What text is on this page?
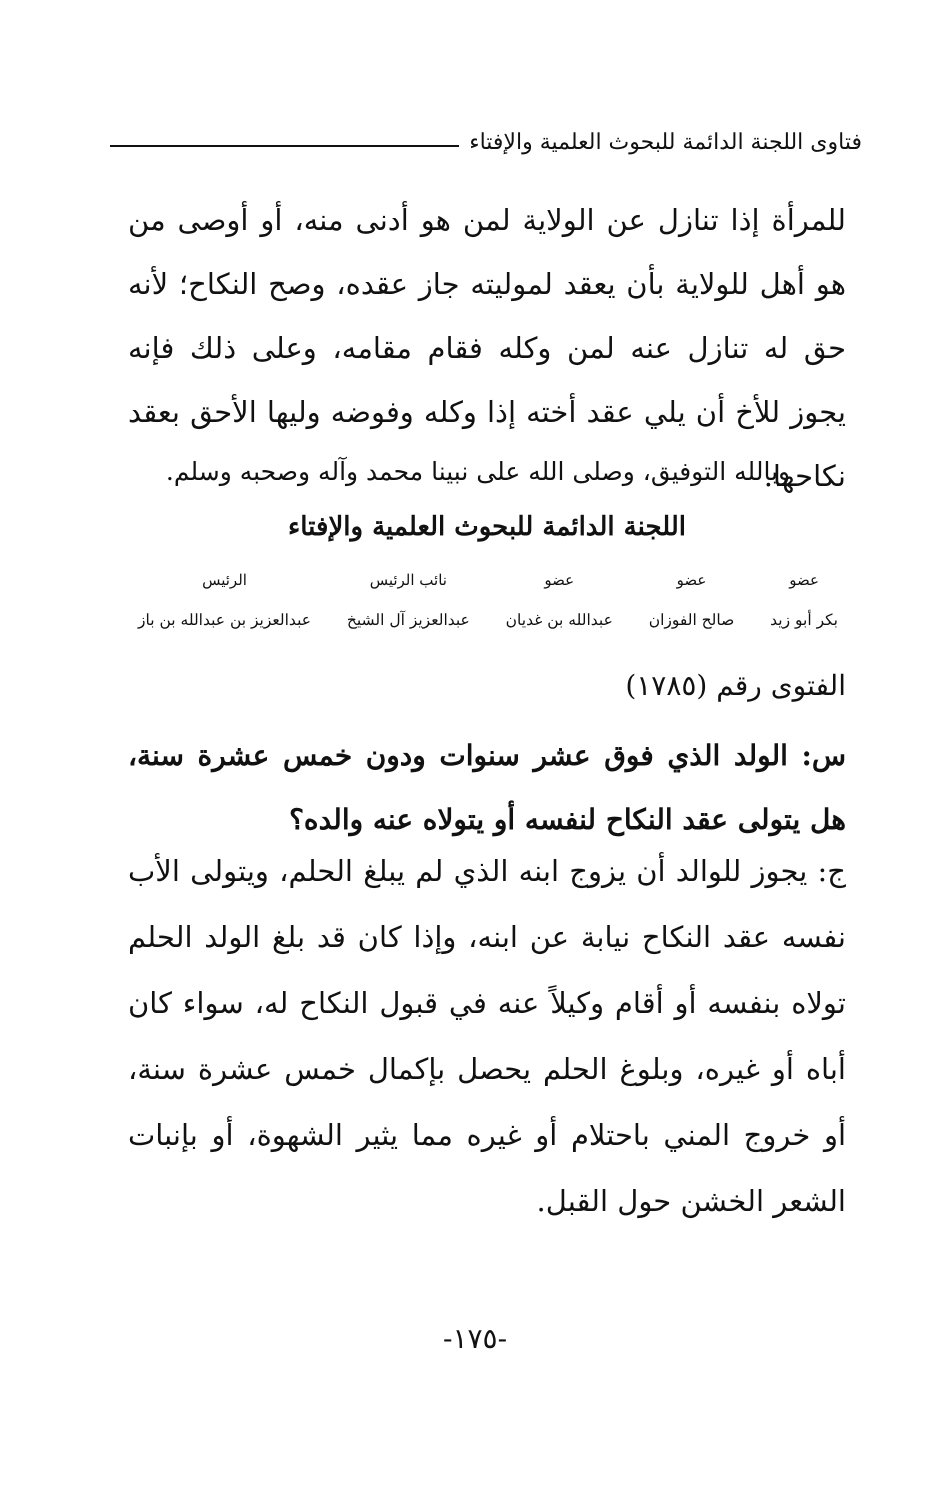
فتاوى اللجنة الدائمة للبحوث العلمية والإفتاء
للمرأة إذا تنازل عن الولاية لمن هو أدنى منه، أو أوصى من هو أهل للولاية بأن يعقد لموليته جاز عقده، وصح النكاح؛ لأنه حق له تنازل عنه لمن وكله فقام مقامه، وعلى ذلك فإنه يجوز للأخ أن يلي عقد أخته إذا وكله وفوضه وليها الأحق بعقد نكاحها.
وبالله التوفيق، وصلى الله على نبينا محمد وآله وصحبه وسلم.
اللجنة الدائمة للبحوث العلمية والإفتاء
عضو
بكر أبو زيد
عضو
صالح الفوزان
عضو
عبدالله بن غديان
نائب الرئيس
عبدالعزيز آل الشيخ
الرئيس
عبدالعزيز بن عبدالله بن باز
الفتوى رقم (١٧٨٥)
س: الولد الذي فوق عشر سنوات ودون خمس عشرة سنة، هل يتولى عقد النكاح لنفسه أو يتولاه عنه والده؟
ج: يجوز للوالد أن يزوج ابنه الذي لم يبلغ الحلم، ويتولى الأب نفسه عقد النكاح نيابة عن ابنه، وإذا كان قد بلغ الولد الحلم تولاه بنفسه أو أقام وكيلاً عنه في قبول النكاح له، سواء كان أباه أو غيره، وبلوغ الحلم يحصل بإكمال خمس عشرة سنة، أو خروج المني باحتلام أو غيره مما يثير الشهوة، أو بإنبات الشعر الخشن حول القبل.
-١٧٥-
